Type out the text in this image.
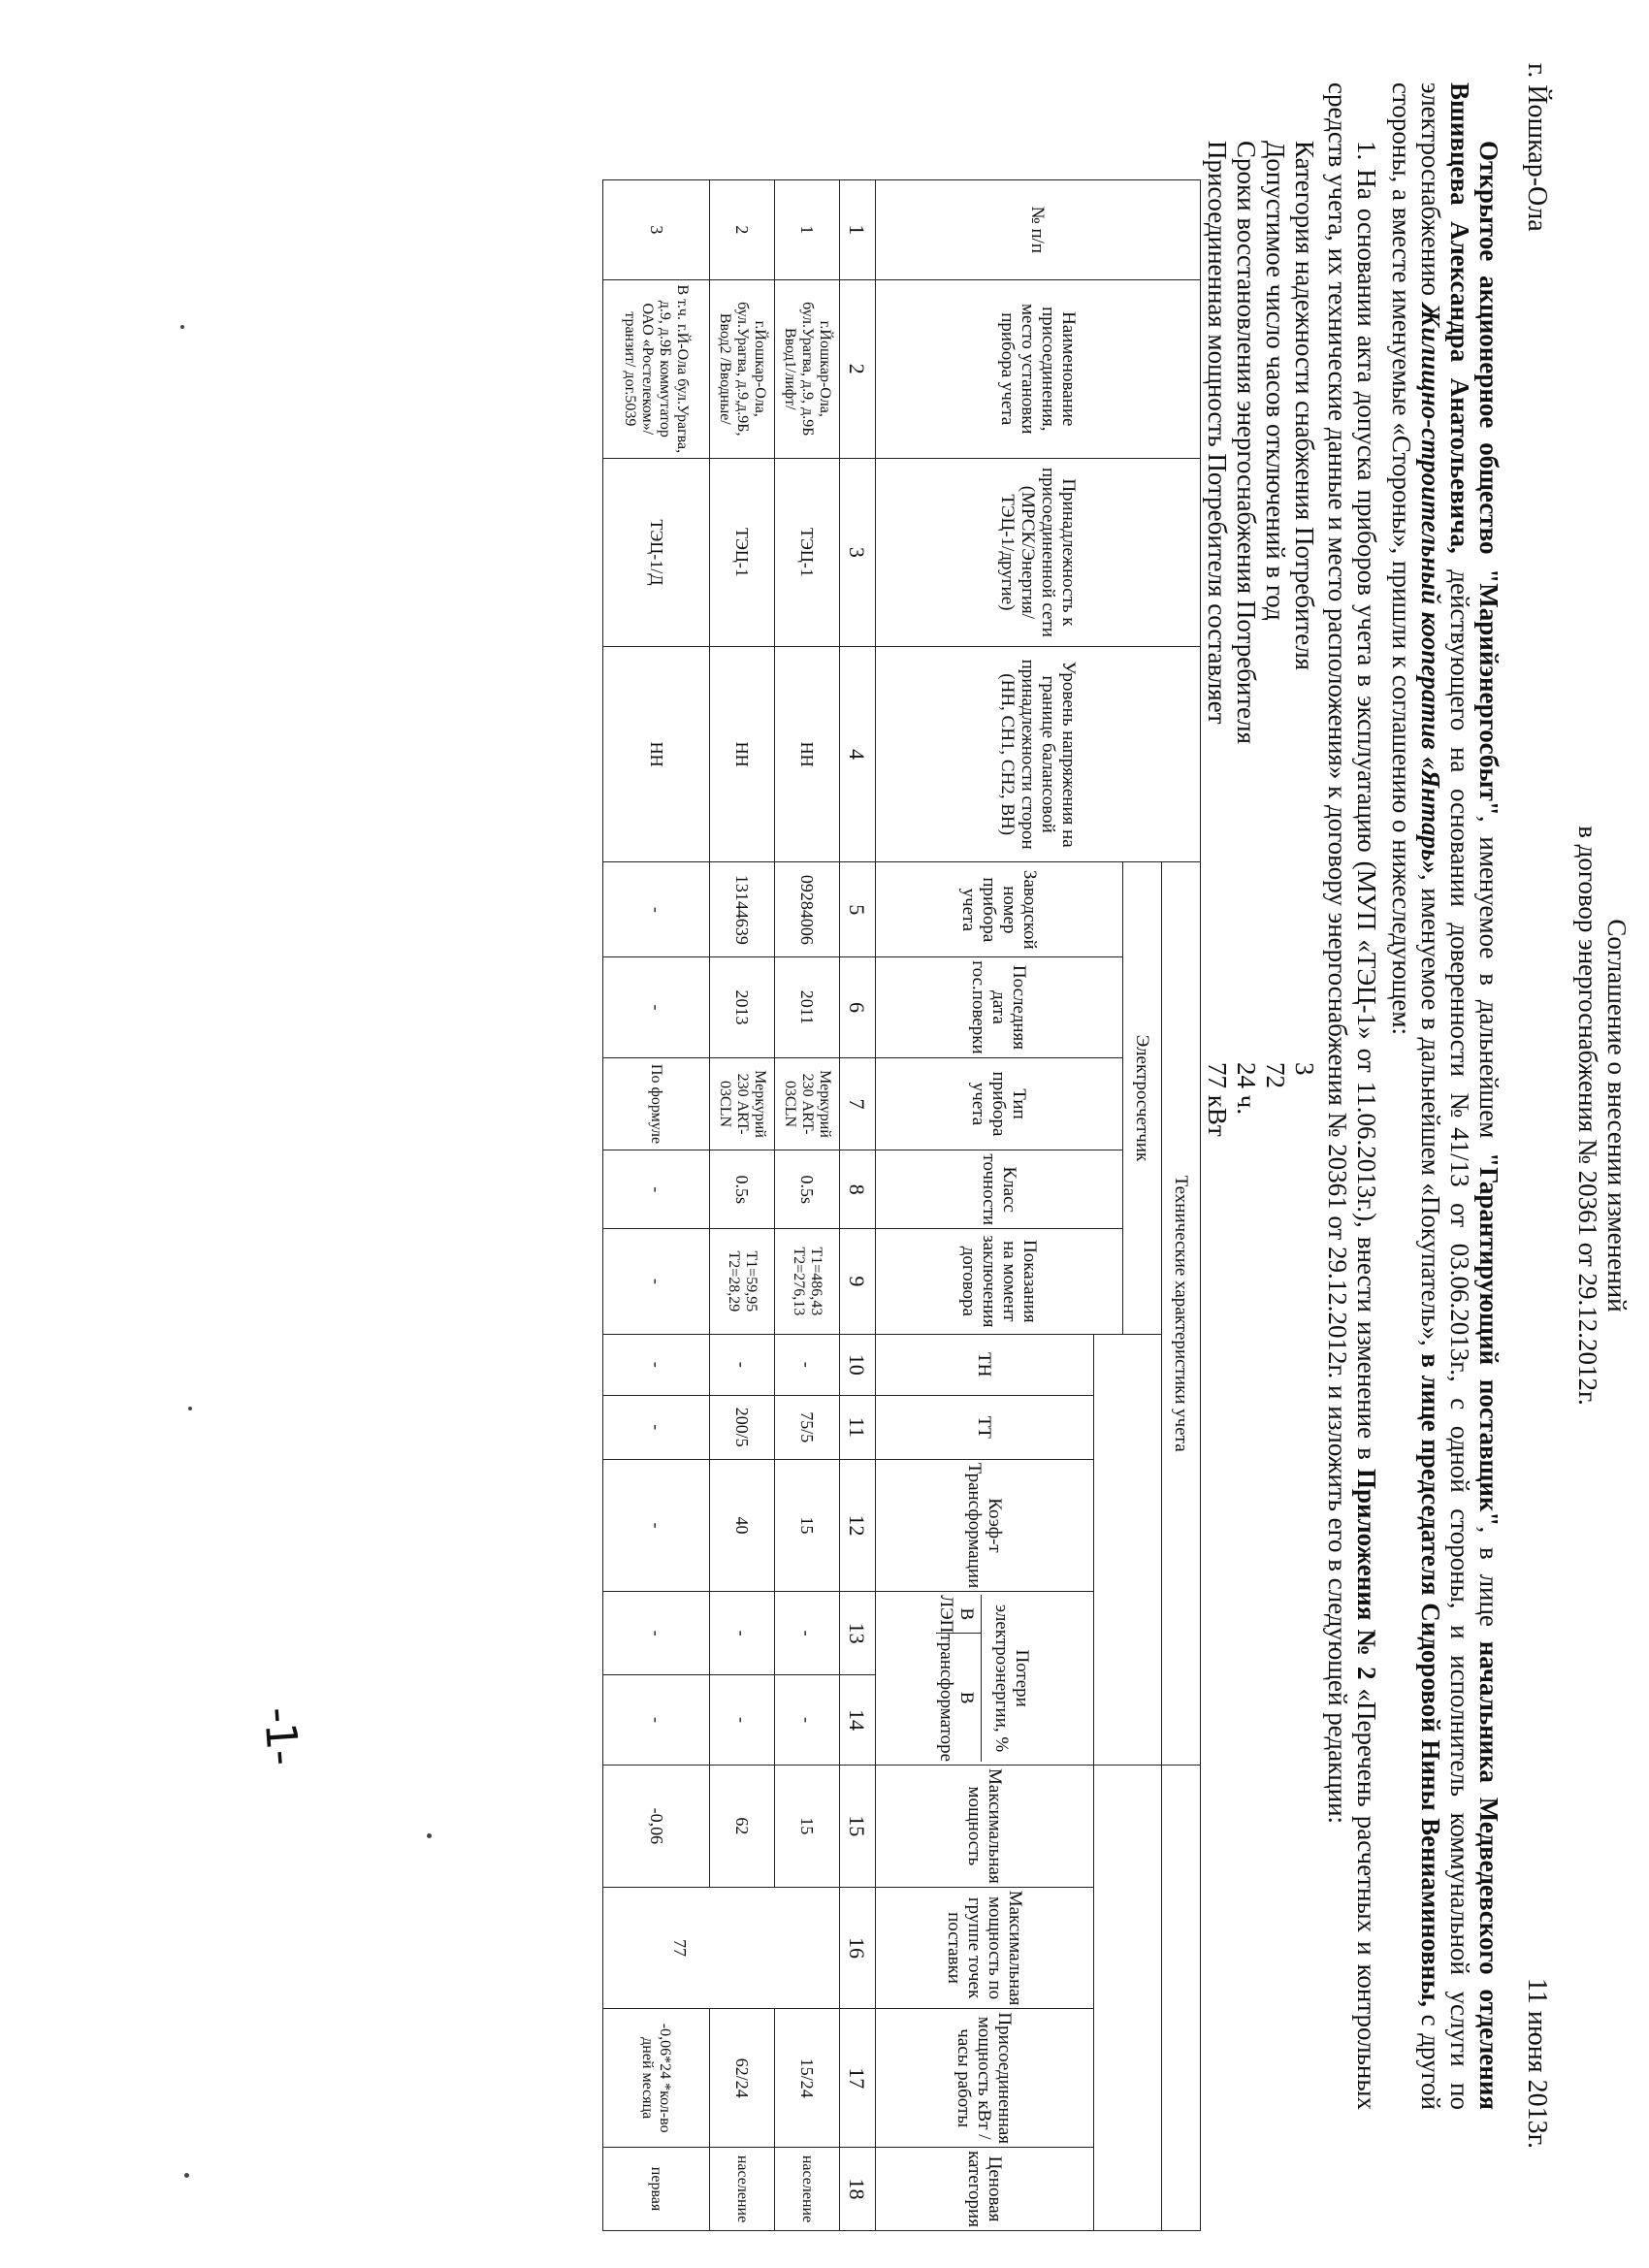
Соглашение о внесении изменений
в договор энергоснабжения № 20361 от 29.12.2012г.
г. Йошкар-Ола
11 июня 2013г.

Открытое акционерное общество "Марийэнергосбыт", именуемое в дальнейшем "Гарантирующий поставщик", в лице начальника Медведевского отделения Вшивцева Александра Анатольевича, действующего на основании доверенности №41/13 от 03.06.2013г., с одной стороны, и исполнитель коммунальной услуги по электроснабжению Жилищно-строительный кооператив «Янтарь», именуемое в дальнейшем «Покупатель», в лице председателя Сидоровой Нины Вениаминовны, с другой стороны, а вместе именуемые «Стороны», пришли к соглашению о нижеследующем:

1. На основании акта допуска приборов учета в эксплуатацию (МУП «ТЭЦ-1» от 11.06.2013г.), внести изменение в Приложения № 2 «Перечень расчетных и контрольных средств учета, их технические данные и место расположения» к договору энергоснабжения № 20361 от 29.12.2012г. и изложить его в следующей редакции:

Категория надежности снабжения Потребителя
3
Допустимое число часов отключений в год
72
Сроки восстановления энергоснабжения Потребителя
24 ч.
Присоединенная мощность Потребителя составляет
77 кВт
№ п/п	Наименование присоединения, место установки прибора учета	Принадлежность к присоединенной сети (МРСК/Энергия/ ТЭЦ-1/другие)	Уровень напряжения на границе балансовой принадлежности сторон (НН, СН1, СН2, ВН)	Технические характеристики учета													
				Электросчетчик													
				Заводской номер прибора учета	Последняя дата гос.поверки	Тип прибора учета	Класс точности	Показания на момент заключения договора									
									ТН	ТТ	Коэф-т Трансформации	Потери электроэнергии, %
В ЛЭП
В трансформаторе		Максимальная мощность	Максимальная мощность по группе точек поставки	Присоединенная мощность кВт /часы работы	Ценовая категория
1	2	3	4	5	6	7	8	9	10	11	12	13	14	15	16	17	18
1	г.Йошкар-Ола, бул.Урагва, д.9, д.9Б Ввод1/лифт/	ТЭЦ-1	НН	09284006	2011	Меркурий 230 ART-03CLN	0.5s	Т1=486,43 Т2=276,13	-	75/5	15	-	-	15	77	15/24	население
2	г.Йошкар-Ола, бул.Урагва, д.9,д.9Б, Ввод2 /Вводные/	ТЭЦ-1	НН	13144639	2013	Меркурий 230 ART-03CLN	0.5s	Т1=59,95 Т2=28,29	-	200/5	40	-	-	62		62/24	население
3	В т.ч. г.Й-Ола бул.Урагва, д.9, д.9Б коммутатор ОАО «Ростелеком»/транзит/ дог.5039	ТЭЦ-1/Д	НН	-	-	По формуле	-	-	-	-	-	-	-	-0,06		-0,06*24 *кол-во дней месяца	первая
-1-
